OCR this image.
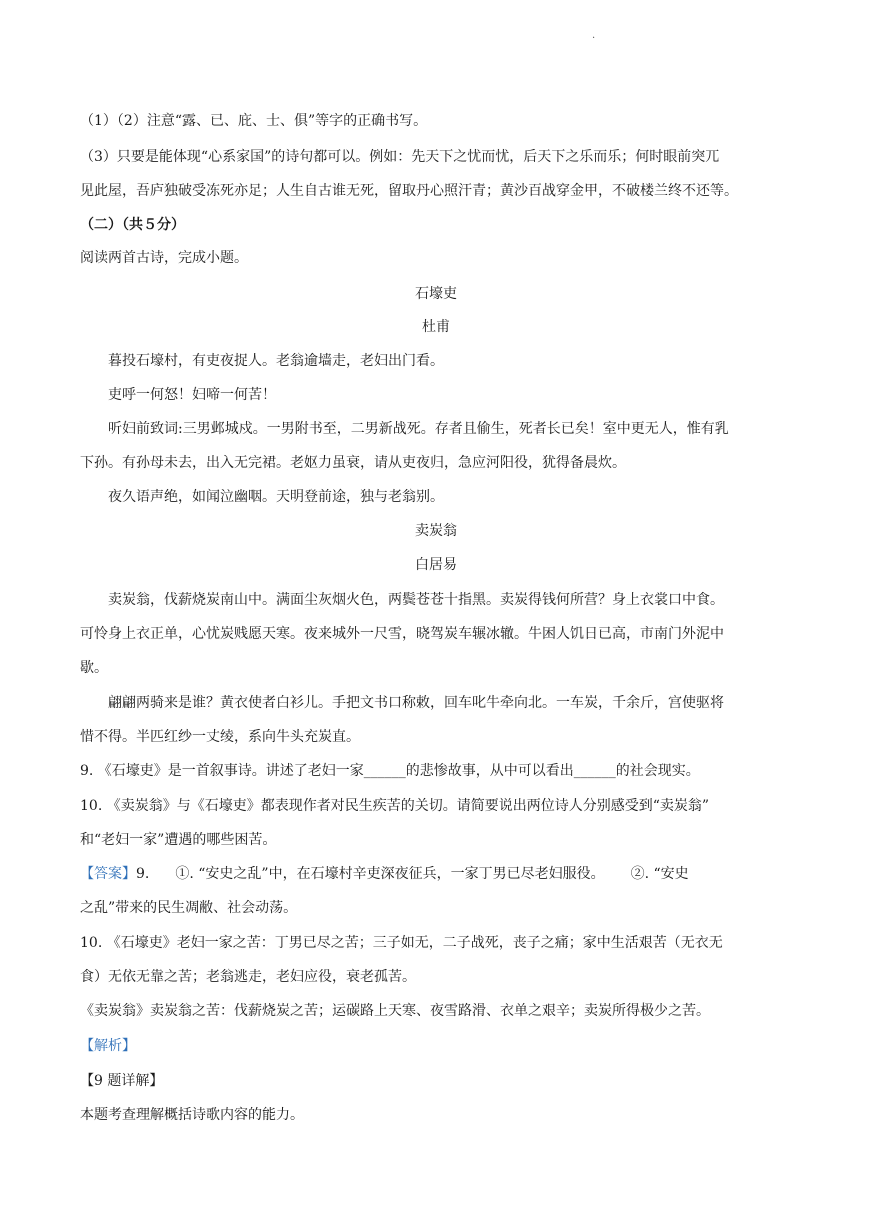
.

（1）（2）注意“露、已、庇、士、俱”等字的正确书写。

（3）只要是能体现“心系家国”的诗句都可以。例如：先天下之忧而忧，后天下之乐而乐；何时眼前突兀

见此屋，吾庐独破受冻死亦足；人生自古谁无死，留取丹心照汗青；黄沙百战穿金甲，不破楼兰终不还等。

（二）（共５分）

阅读两首古诗，完成小题。

石壕吏

杜甫

暮投石壕村，有吏夜捉人。老翁逾墙走，老妇出门看。

吏呼一何怒！妇啼一何苦！

听妇前致词:三男邺城戍。一男附书至，二男新战死。存者且偷生，死者长已矣！室中更无人，惟有乳

下孙。有孙母未去，出入无完裙。老妪力虽衰，请从吏夜归，急应河阳役，犹得备晨炊。

夜久语声绝，如闻泣幽咽。天明登前途，独与老翁别。

卖炭翁

白居易

卖炭翁，伐薪烧炭南山中。满面尘灰烟火色，两鬓苍苍十指黑。卖炭得钱何所营？身上衣裳口中食。

可怜身上衣正单，心忧炭贱愿天寒。夜来城外一尺雪，晓驾炭车辗冰辙。牛困人饥日已高，市南门外泥中

歇。

翩翩两骑来是谁？黄衣使者白衫儿。手把文书口称敕，回车叱牛牵向北。一车炭，千余斤，宫使驱将

惜不得。半匹红纱一丈绫，系向牛头充炭直。

9. 《石壕吏》是一首叙事诗。讲述了老妇一家______的悲惨故事，从中可以看出______的社会现实。

10. 《卖炭翁》与《石壕吏》都表现作者对民生疾苦的关切。请简要说出两位诗人分别感受到“卖炭翁”

和“老妇一家”遭遇的哪些困苦。

【答案】9. ①. “安史之乱”中，在石壕村辛吏深夜征兵，一家丁男已尽老妇服役。 ②. “安史

之乱”带来的民生凋敝、社会动荡。

10. 《石壕吏》老妇一家之苦：丁男已尽之苦；三子如无，二子战死，丧子之痛；家中生活艰苦（无衣无

食）无依无靠之苦；老翁逃走，老妇应役，衰老孤苦。

《卖炭翁》卖炭翁之苦：伐薪烧炭之苦；运碳路上天寒、夜雪路滑、衣单之艰辛；卖炭所得极少之苦。

【解析】

【9 题详解】

本题考查理解概括诗歌内容的能力。
